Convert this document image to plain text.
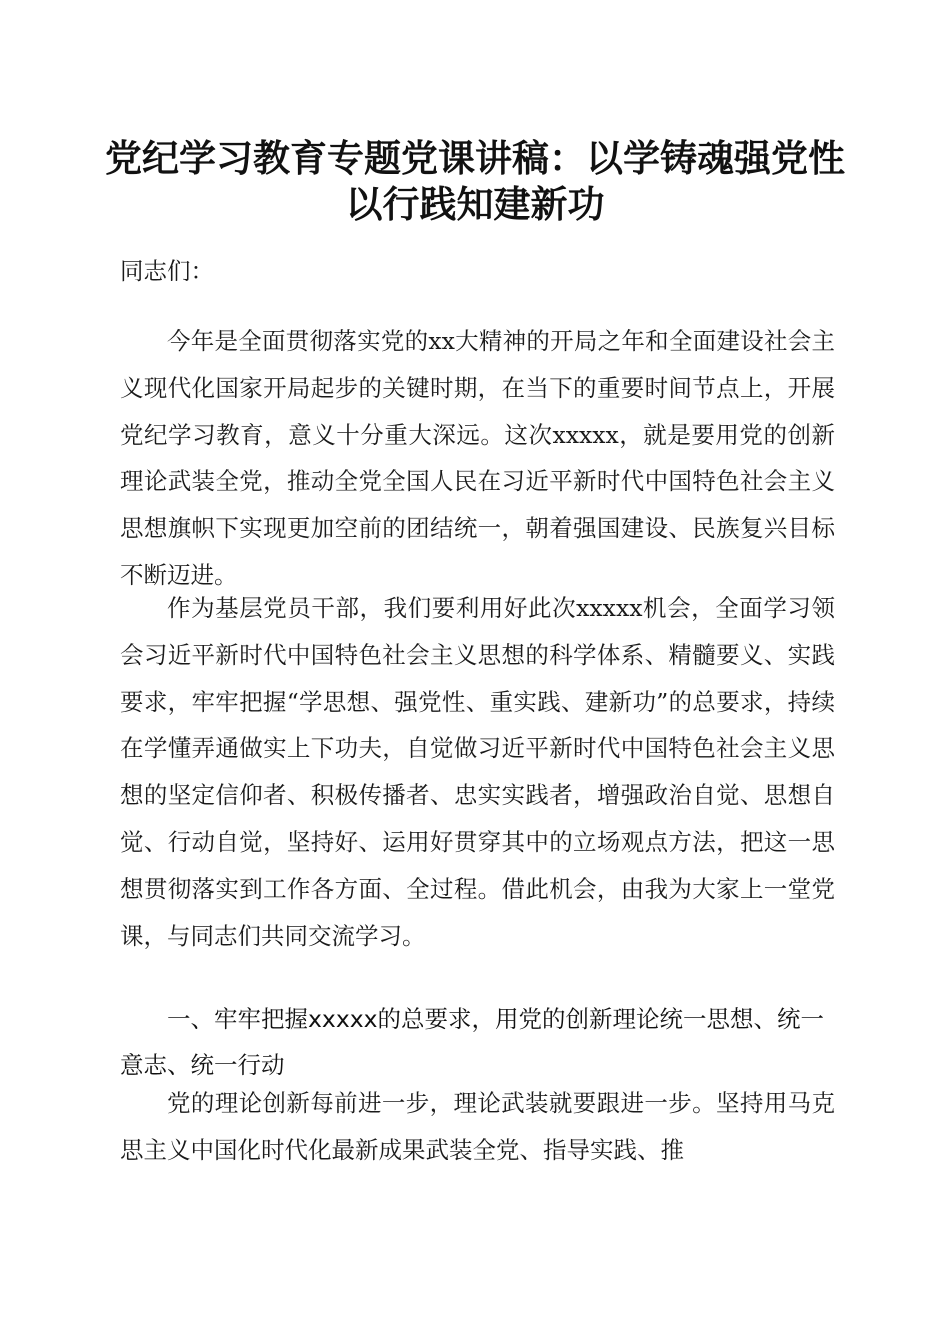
党纪学习教育专题党课讲稿：以学铸魂强党性
以行践知建新功

同志们：

今年是全面贯彻落实党的xx大精神的开局之年和全面建设社会主义现代化国家开局起步的关键时期，在当下的重要时间节点上，开展党纪学习教育，意义十分重大深远。这次xxxxx，就是要用党的创新理论武装全党，推动全党全国人民在习近平新时代中国特色社会主义思想旗帜下实现更加空前的团结统一，朝着强国建设、民族复兴目标不断迈进。

作为基层党员干部，我们要利用好此次xxxxx机会，全面学习领会习近平新时代中国特色社会主义思想的科学体系、精髓要义、实践要求，牢牢把握“学思想、强党性、重实践、建新功”的总要求，持续在学懂弄通做实上下功夫，自觉做习近平新时代中国特色社会主义思想的坚定信仰者、积极传播者、忠实实践者，增强政治自觉、思想自觉、行动自觉，坚持好、运用好贯穿其中的立场观点方法，把这一思想贯彻落实到工作各方面、全过程。借此机会，由我为大家上一堂党课，与同志们共同交流学习。

一、牢牢把握xxxxx的总要求，用党的创新理论统一思想、统一意志、统一行动

党的理论创新每前进一步，理论武装就要跟进一步。坚持用马克思主义中国化时代化最新成果武装全党、指导实践、推
